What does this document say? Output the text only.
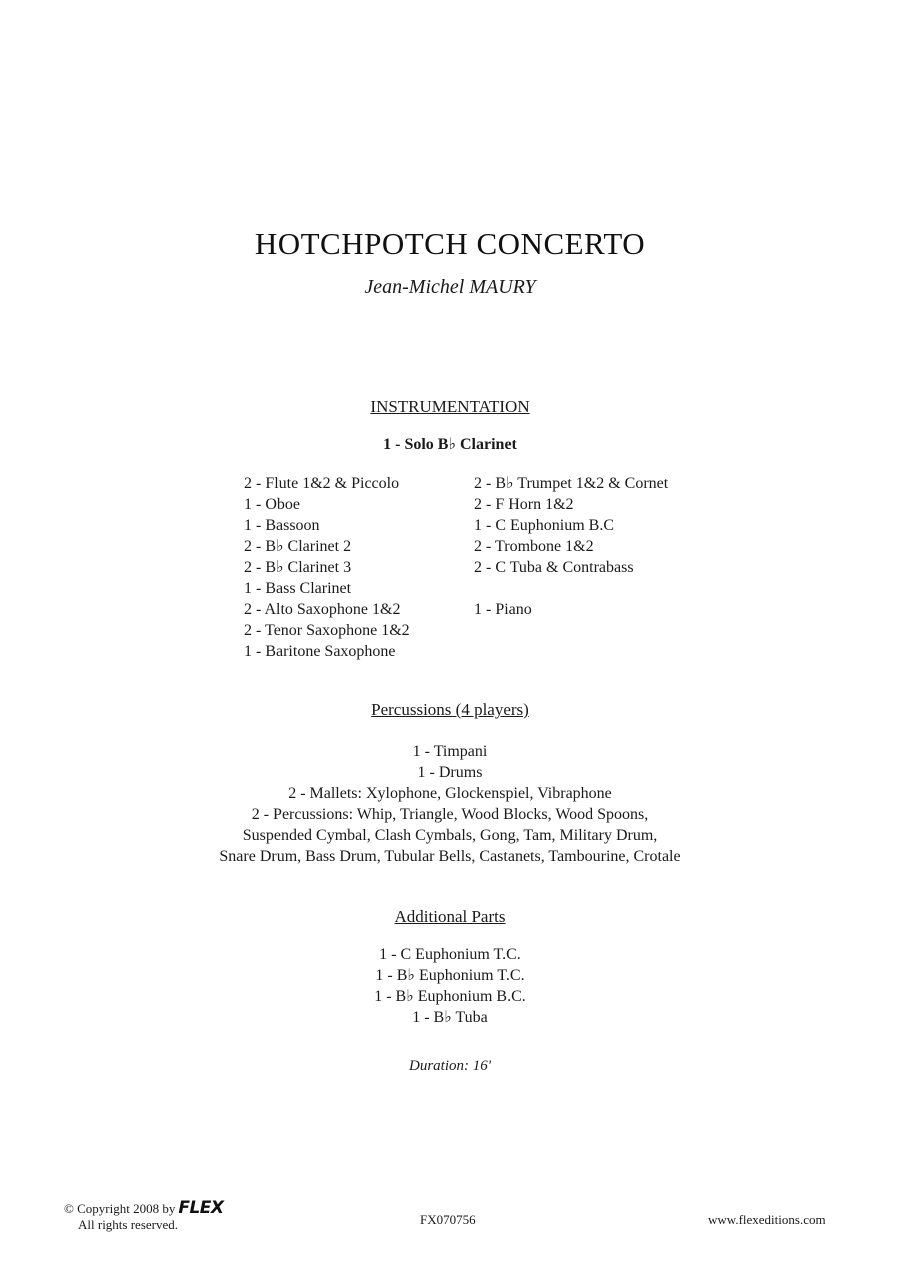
HOTCHPOTCH CONCERTO
Jean-Michel MAURY
INSTRUMENTATION
1 - Solo B♭ Clarinet
2 - Flute 1&2 & Piccolo
1 - Oboe
1 - Bassoon
2 - B♭ Clarinet 2
2 - B♭ Clarinet 3
1 - Bass Clarinet
2 - Alto Saxophone 1&2
2 - Tenor Saxophone 1&2
1 - Baritone Saxophone
2 - B♭ Trumpet 1&2 & Cornet
2 - F Horn 1&2
1 - C Euphonium B.C
2 - Trombone 1&2
2 - C Tuba & Contrabass

1 - Piano
Percussions (4 players)
1 - Timpani
1 - Drums
2 - Mallets: Xylophone, Glockenspiel, Vibraphone
2 - Percussions: Whip, Triangle, Wood Blocks, Wood Spoons,
Suspended Cymbal, Clash Cymbals, Gong, Tam, Military Drum,
Snare Drum, Bass Drum, Tubular Bells, Castanets, Tambourine, Crotale
Additional Parts
1 - C Euphonium T.C.
1 - B♭ Euphonium T.C.
1 - B♭ Euphonium B.C.
1 - B♭ Tuba
Duration: 16'
© Copyright 2008 by FLEX
All rights reserved.	FX070756	www.flexeditions.com
